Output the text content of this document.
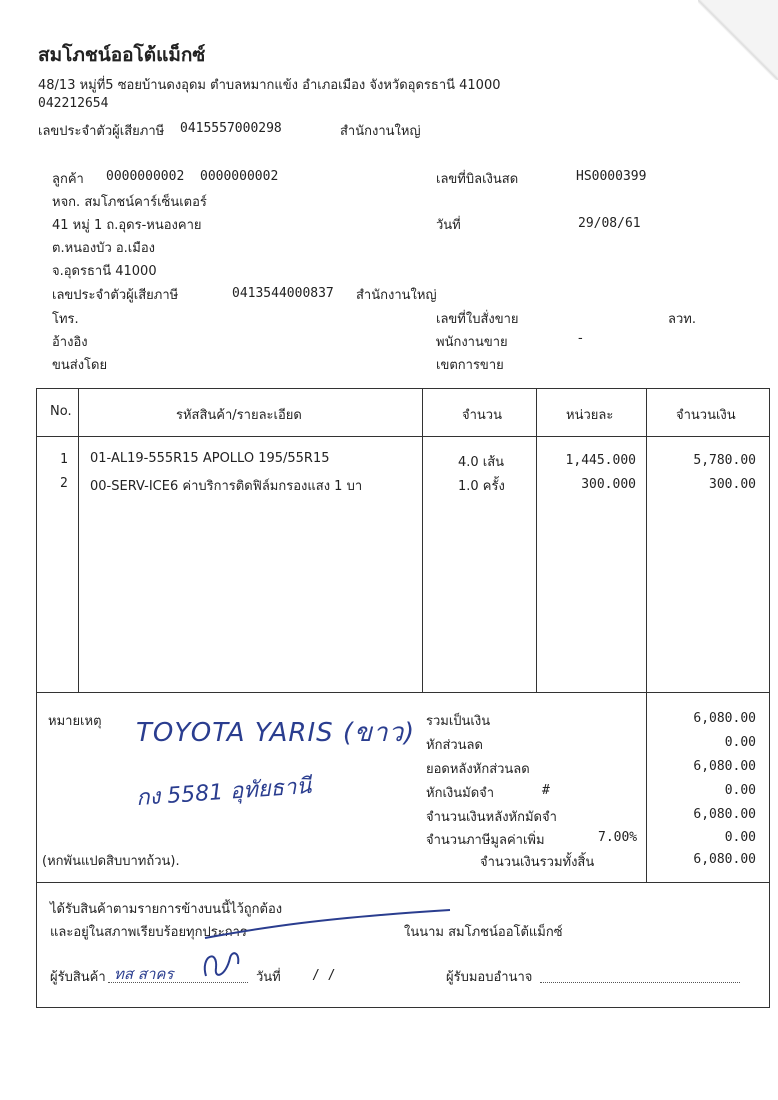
สมโภชน์ออโต้แม็กซ์
48/13 หมู่ที่5 ซอยบ้านดงอุดม ตำบลหมากแข้ง อำเภอเมือง จังหวัดอุดรธานี 41000
042212654
เลขประจำตัวผู้เสียภาษี 0415557000298	สำนักงานใหญ่
ลูกค้า 0000000002 0000000002
หจก. สมโภชน์คาร์เซ็นเตอร์
41 หมู่ 1 ถ.อุดร-หนองคาย
ต.หนองบัว อ.เมือง
จ.อุดรธานี 41000
เลขประจำตัวผู้เสียภาษี	0413544000837 สำนักงานใหญ่
โทร.
อ้างอิง
ขนส่งโดย
เลขที่บิลเงินสด	HS0000399
วันที่	29/08/61
เลขที่ใบสั่งขาย	ลวท.
พนักงานขาย	-
เขตการขาย
No.	รหัสสินค้า/รายละเอียด	จำนวน	หน่วยละ	จำนวนเงิน
1 01-AL19-555R15 APOLLO 195/55R15	4.0 เส้น	1,445.000	5,780.00
2 00-SERV-ICE6 ค่าบริการติดฟิล์มกรองแสง 1 บา	1.0 ครั้ง	300.000	300.00
หมายเหตุ TOYOTA YARIS (ขาว)
กง 5581 อุทัยธานี
(หกพันแปดสิบบาทถ้วน).
รวมเป็นเงิน	6,080.00
หักส่วนลด	0.00
ยอดหลังหักส่วนลด	6,080.00
หักเงินมัดจำ	#	0.00
จำนวนเงินหลังหักมัดจำ	6,080.00
จำนวนภาษีมูลค่าเพิ่ม	7.00%	0.00
จำนวนเงินรวมทั้งสิ้น	6,080.00
ได้รับสินค้าตามรายการข้างบนนี้ไว้ถูกต้อง
และอยู่ในสภาพเรียบร้อยทุกประการ	ในนาม สมโภชน์ออโต้แม็กซ์
ผู้รับสินค้า ทส สาคร	วันที่ / /	ผู้รับมอบอำนาจ
